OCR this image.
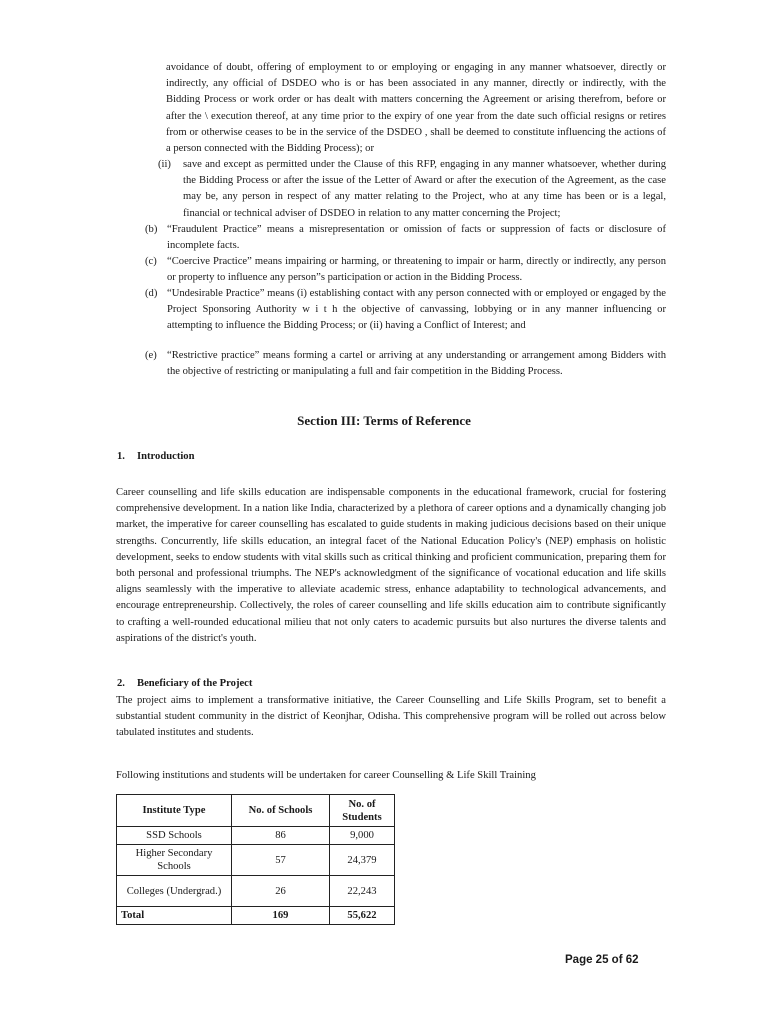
avoidance of doubt, offering of employment to or employing or engaging in any manner whatsoever, directly or indirectly, any official of DSDEO who is or has been associated in any manner, directly or indirectly, with the Bidding Process or work order or has dealt with matters concerning the Agreement or arising therefrom, before or after the \ execution thereof, at any time prior to the expiry of one year from the date such official resigns or retires from or otherwise ceases to be in the service of the DSDEO , shall be deemed to constitute influencing the actions of a person connected with the Bidding Process); or
(ii) save and except as permitted under the Clause of this RFP, engaging in any manner whatsoever, whether during the Bidding Process or after the issue of the Letter of Award or after the execution of the Agreement, as the case may be, any person in respect of any matter relating to the Project, who at any time has been or is a legal, financial or technical adviser of DSDEO in relation to any matter concerning the Project;
(b) “Fraudulent Practice” means a misrepresentation or omission of facts or suppression of facts or disclosure of incomplete facts.
(c) “Coercive Practice” means impairing or harming, or threatening to impair or harm, directly or indirectly, any person or property to influence any person”s participation or action in the Bidding Process.
(d) “Undesirable Practice” means (i) establishing contact with any person connected with or employed or engaged by the Project Sponsoring Authority w i t h the objective of canvassing, lobbying or in any manner influencing or attempting to influence the Bidding Process; or (ii) having a Conflict of Interest; and
(e) “Restrictive practice” means forming a cartel or arriving at any understanding or arrangement among Bidders with the objective of restricting or manipulating a full and fair competition in the Bidding Process.
Section III: Terms of Reference
1. Introduction
Career counselling and life skills education are indispensable components in the educational framework, crucial for fostering comprehensive development. In a nation like India, characterized by a plethora of career options and a dynamically changing job market, the imperative for career counselling has escalated to guide students in making judicious decisions based on their unique strengths. Concurrently, life skills education, an integral facet of the National Education Policy's (NEP) emphasis on holistic development, seeks to endow students with vital skills such as critical thinking and proficient communication, preparing them for both personal and professional triumphs. The NEP's acknowledgment of the significance of vocational education and life skills aligns seamlessly with the imperative to alleviate academic stress, enhance adaptability to technological advancements, and encourage entrepreneurship. Collectively, the roles of career counselling and life skills education aim to contribute significantly to crafting a well-rounded educational milieu that not only caters to academic pursuits but also nurtures the diverse talents and aspirations of the district's youth.
2. Beneficiary of the Project
The project aims to implement a transformative initiative, the Career Counselling and Life Skills Program, set to benefit a substantial student community in the district of Keonjhar, Odisha. This comprehensive program will be rolled out across below tabulated institutes and students.
Following institutions and students will be undertaken for career Counselling & Life Skill Training
Institute Type	No. of Schools	No. of Students
SSD Schools	86	9,000
Higher Secondary Schools	57	24,379
Colleges (Undergrad.)	26	22,243
Total	169	55,622
Page 25 of 62
